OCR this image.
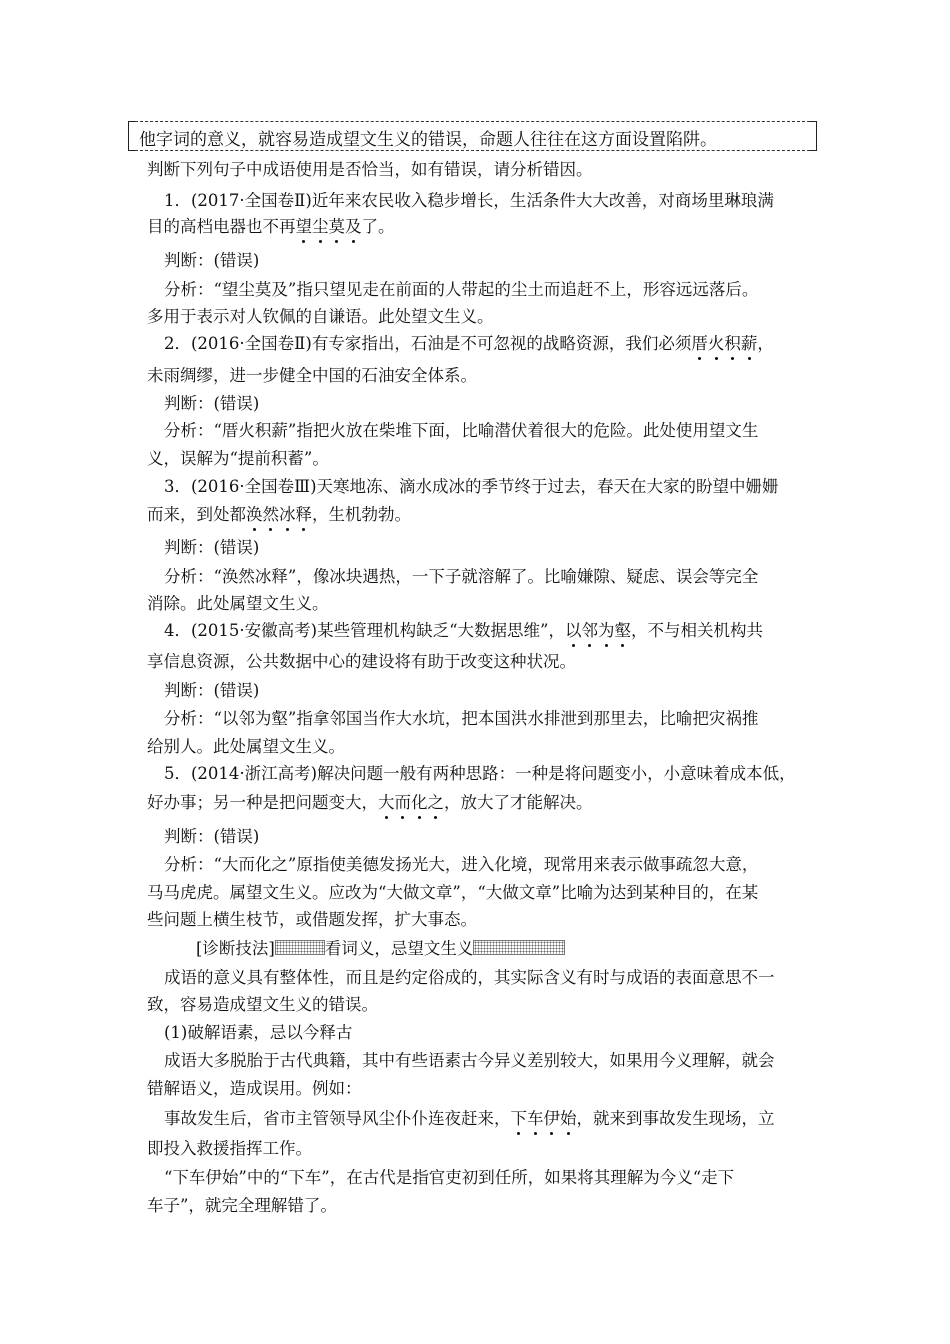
他字词的意义，就容易造成望文生义的错误，命题人往往在这方面设置陷阱。
判断下列句子中成语使用是否恰当，如有错误，请分析错因。
1．(2017·全国卷Ⅱ)近年来农民收入稳步增长，生活条件大大改善，对商场里琳琅满
目的高档电器也不再望尘莫及了。
判断：(错误)
分析：“望尘莫及”指只望见走在前面的人带起的尘土而追赶不上，形容远远落后。
多用于表示对人钦佩的自谦语。此处望文生义。
2．(2016·全国卷Ⅱ)有专家指出，石油是不可忽视的战略资源，我们必须厝火积薪，
未雨绸缪，进一步健全中国的石油安全体系。
判断：(错误)
分析：“厝火积薪”指把火放在柴堆下面，比喻潜伏着很大的危险。此处使用望文生
义，误解为“提前积蓄”。
3．(2016·全国卷Ⅲ)天寒地冻、滴水成冰的季节终于过去，春天在大家的盼望中姗姗
而来，到处都涣然冰释，生机勃勃。
判断：(错误)
分析：“涣然冰释”，像冰块遇热，一下子就溶解了。比喻嫌隙、疑虑、误会等完全
消除。此处属望文生义。
4．(2015·安徽高考)某些管理机构缺乏“大数据思维”，以邻为壑，不与相关机构共
享信息资源，公共数据中心的建设将有助于改变这种状况。
判断：(错误)
分析：“以邻为壑”指拿邻国当作大水坑，把本国洪水排泄到那里去，比喻把灾祸推
给别人。此处属望文生义。
5．(2014·浙江高考)解决问题一般有两种思路：一种是将问题变小，小意味着成本低，
好办事；另一种是把问题变大，大而化之，放大了才能解决。
判断：(错误)
分析：“大而化之”原指使美德发扬光大，进入化境，现常用来表示做事疏忽大意，
马马虎虎。属望文生义。应改为“大做文章”，“大做文章”比喻为达到某种目的，在某
些问题上横生枝节，或借题发挥，扩大事态。
[诊断技法]	看词义，忌望文生义
成语的意义具有整体性，而且是约定俗成的，其实际含义有时与成语的表面意思不一
致，容易造成望文生义的错误。
(1)破解语素，忌以今释古
成语大多脱胎于古代典籍，其中有些语素古今异义差别较大，如果用今义理解，就会
错解语义，造成误用。例如：
事故发生后，省市主管领导风尘仆仆连夜赶来，下车伊始，就来到事故发生现场，立
即投入救援指挥工作。
“下车伊始”中的“下车”，在古代是指官吏初到任所，如果将其理解为今义“走下
车子”，就完全理解错了。
